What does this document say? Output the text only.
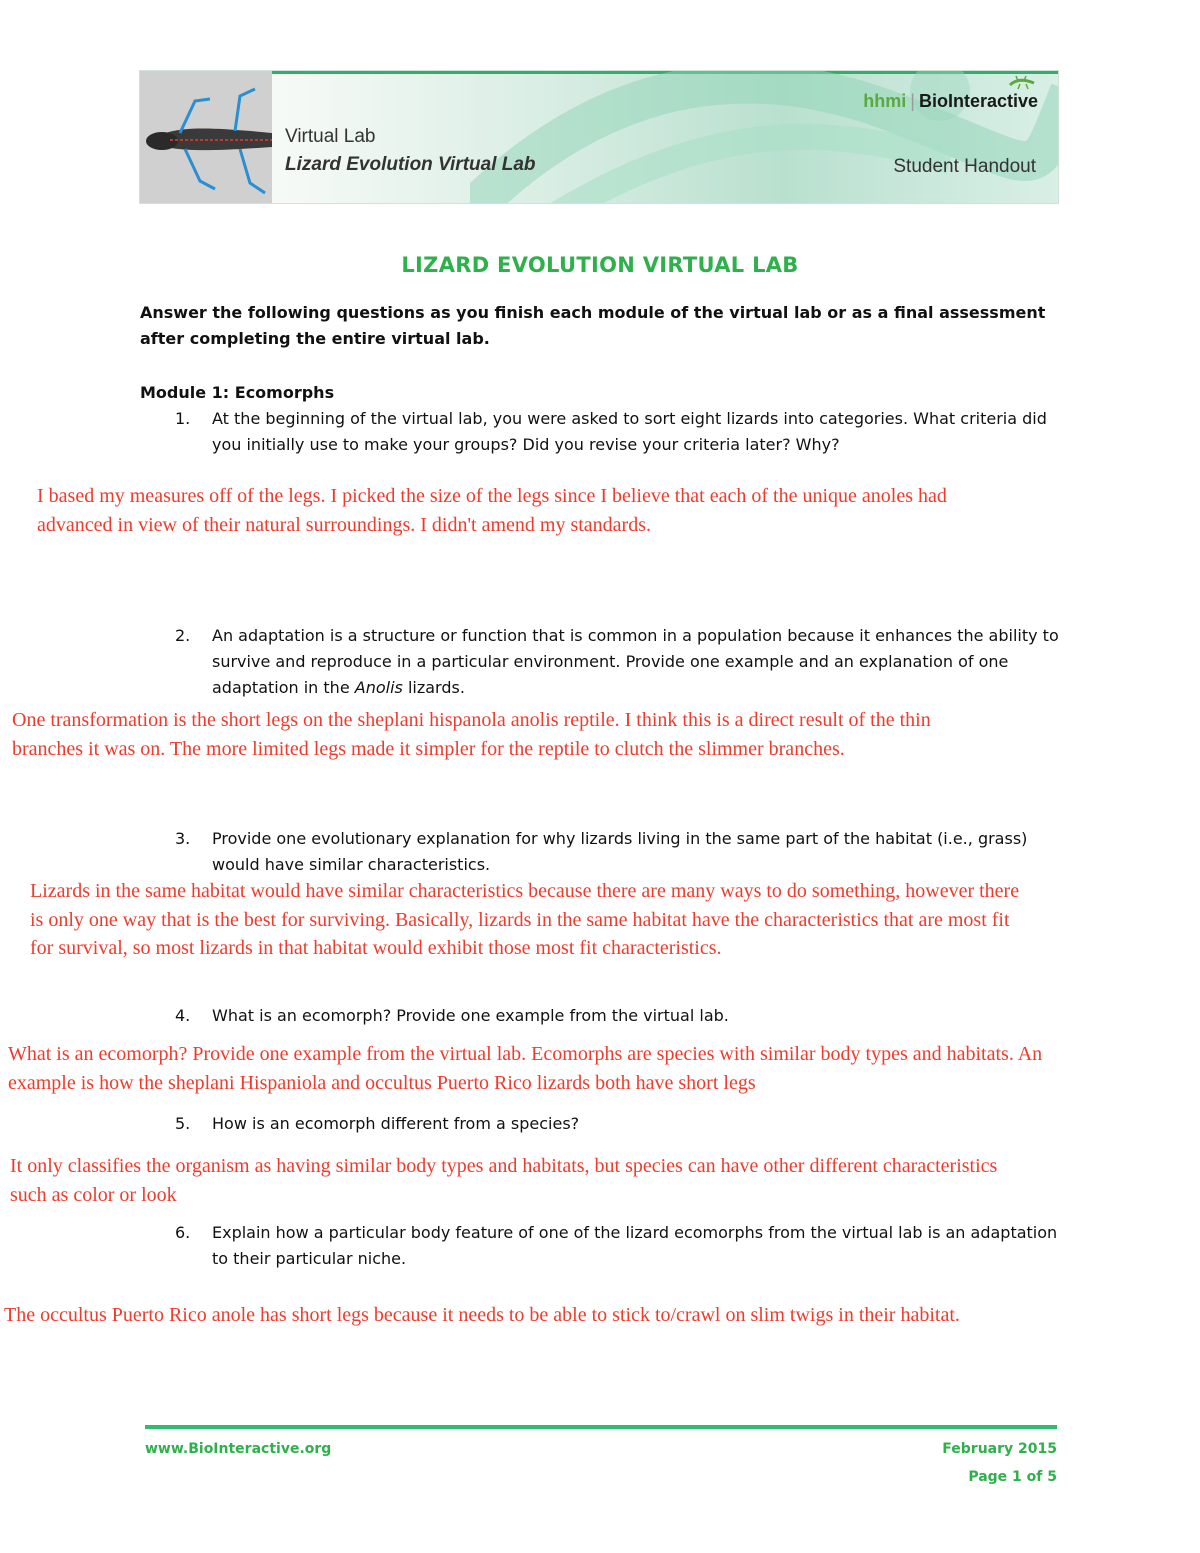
Virtual Lab
Lizard Evolution Virtual Lab	Student Handout
hhmi | BioInteractive
LIZARD EVOLUTION VIRTUAL LAB
Answer the following questions as you finish each module of the virtual lab or as a final assessment after completing the entire virtual lab.
Module 1: Ecomorphs
1. At the beginning of the virtual lab, you were asked to sort eight lizards into categories. What criteria did you initially use to make your groups? Did you revise your criteria later? Why?
I based my measures off of the legs. I picked the size of the legs since I believe that each of the unique anoles had advanced in view of their natural surroundings. I didn't amend my standards.
2. An adaptation is a structure or function that is common in a population because it enhances the ability to survive and reproduce in a particular environment. Provide one example and an explanation of one adaptation in the Anolis lizards.
One transformation is the short legs on the sheplani hispanola anolis reptile. I think this is a direct result of the thin branches it was on. The more limited legs made it simpler for the reptile to clutch the slimmer branches.
3. Provide one evolutionary explanation for why lizards living in the same part of the habitat (i.e., grass) would have similar characteristics.
Lizards in the same habitat would have similar characteristics because there are many ways to do something, however there is only one way that is the best for surviving. Basically, lizards in the same habitat have the characteristics that are most fit for survival, so most lizards in that habitat would exhibit those most fit characteristics.
4. What is an ecomorph? Provide one example from the virtual lab.
What is an ecomorph? Provide one example from the virtual lab. Ecomorphs are species with similar body types and habitats. An example is how the sheplani Hispaniola and occultus Puerto Rico lizards both have short legs
5. How is an ecomorph different from a species?
It only classifies the organism as having similar body types and habitats, but species can have other different characteristics such as color or look
6. Explain how a particular body feature of one of the lizard ecomorphs from the virtual lab is an adaptation to their particular niche.
The occultus Puerto Rico anole has short legs because it needs to be able to stick to/crawl on slim twigs in their habitat.
www.BioInteractive.org	February 2015
Page 1 of 5
